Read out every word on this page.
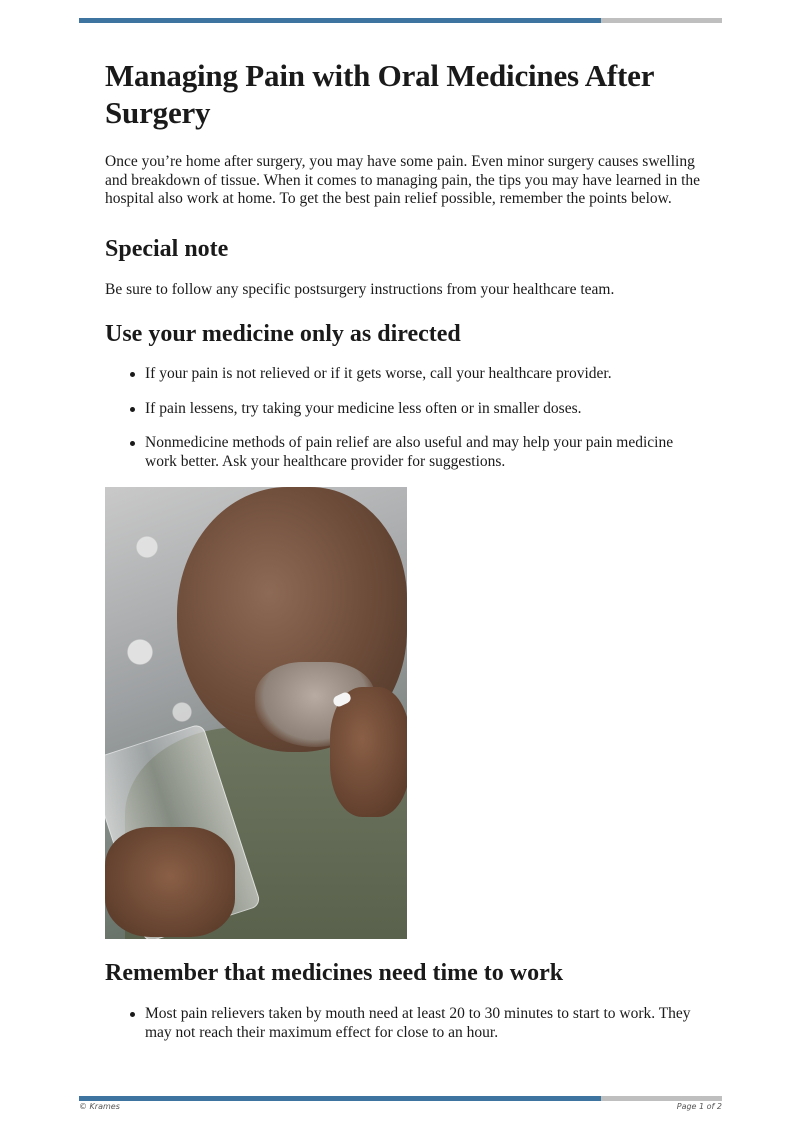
Managing Pain with Oral Medicines After Surgery

Once you’re home after surgery, you may have some pain. Even minor surgery causes swelling and breakdown of tissue. When it comes to managing pain, the tips you may have learned in the hospital also work at home. To get the best pain relief possible, remember the points below.

Special note

Be sure to follow any specific postsurgery instructions from your healthcare team.

Use your medicine only as directed
If your pain is not relieved or if it gets worse, call your healthcare provider.
If pain lessens, try taking your medicine less often or in smaller doses.
Nonmedicine methods of pain relief are also useful and may help your pain medicine work better. Ask your healthcare provider for suggestions.
Remember that medicines need time to work
Most pain relievers taken by mouth need at least 20 to 30 minutes to start to work. They may not reach their maximum effect for close to an hour.
© Krames	Page 1 of 2
